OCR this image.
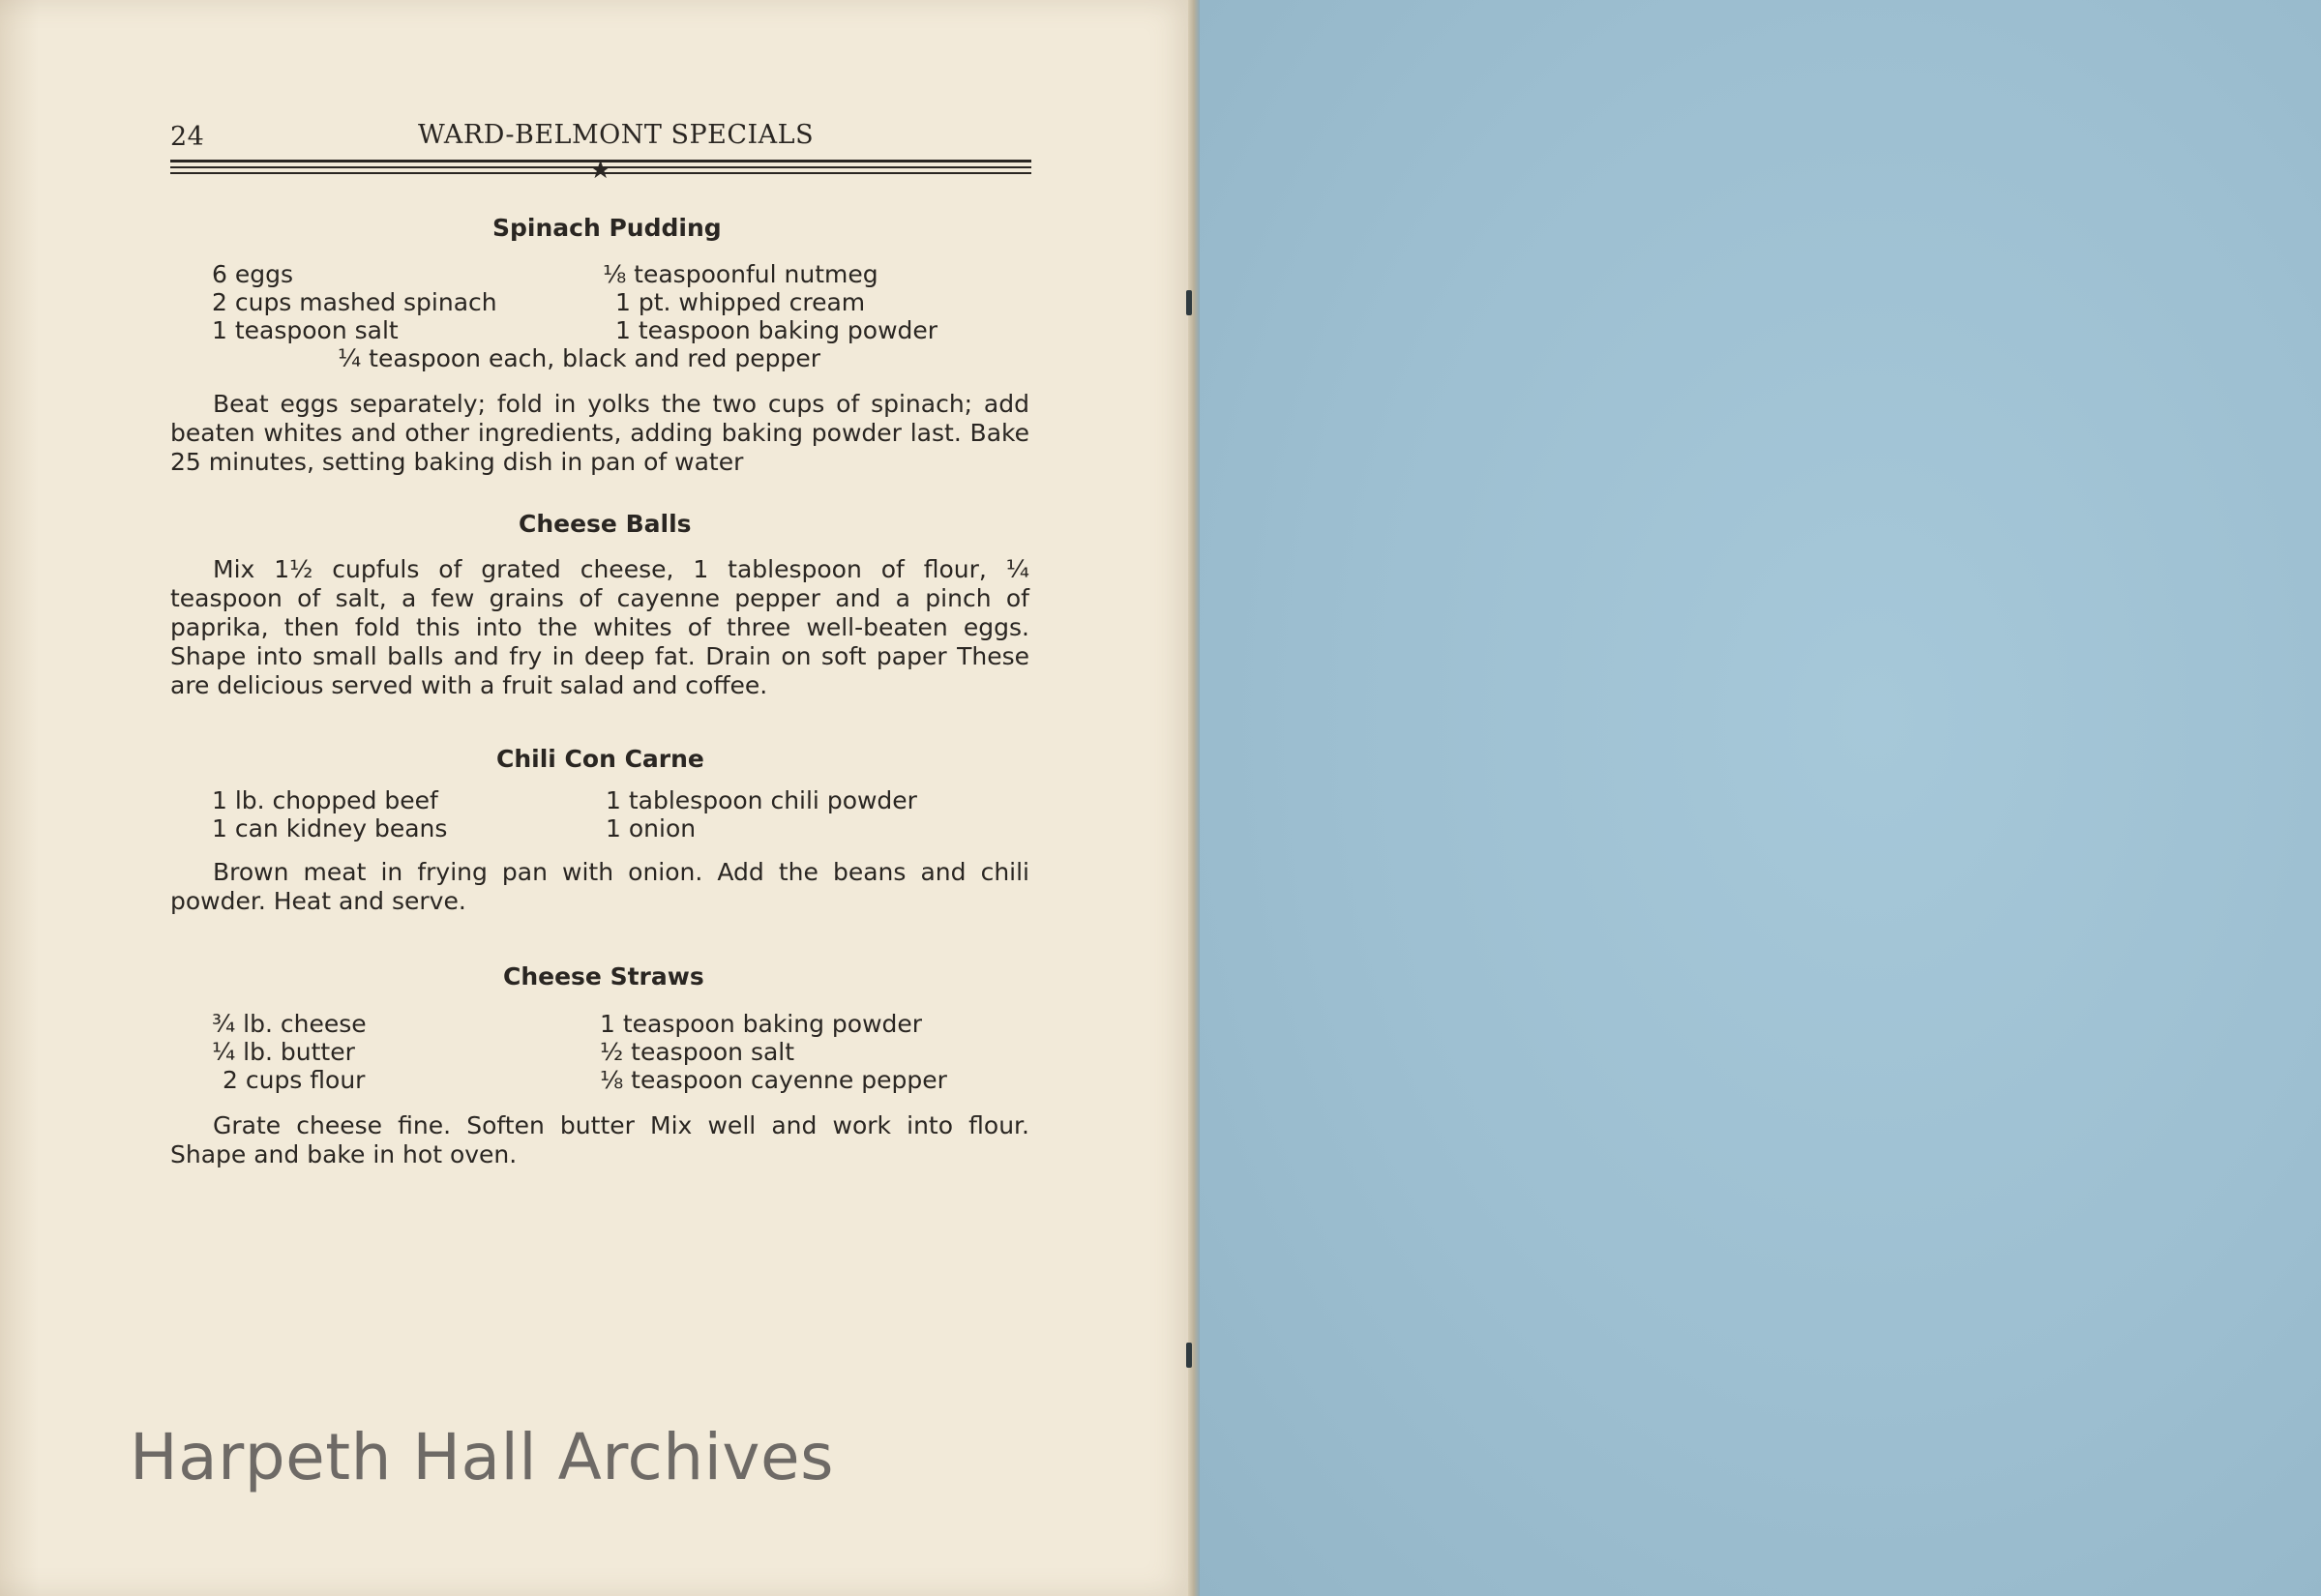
24	WARD-BELMONT SPECIALS
★
Spinach Pudding
6 eggs
2 cups mashed spinach
1 teaspoon salt
⅛ teaspoonful nutmeg
1 pt. whipped cream
1 teaspoon baking powder
¼ teaspoon each, black and red pepper
Beat eggs separately; fold in yolks the two cups of spinach; add beaten whites and other ingredients, adding baking powder last. Bake 25 minutes, setting baking dish in pan of water
Cheese Balls
Mix 1½ cupfuls of grated cheese, 1 tablespoon of flour, ¼ teaspoon of salt, a few grains of cayenne pepper and a pinch of paprika, then fold this into the whites of three well-beaten eggs. Shape into small balls and fry in deep fat. Drain on soft paper These are delicious served with a fruit salad and coffee.
Chili Con Carne
1 lb. chopped beef
1 can kidney beans
1 tablespoon chili powder
1 onion
Brown meat in frying pan with onion. Add the beans and chili powder. Heat and serve.
Cheese Straws
¾ lb. cheese
¼ lb. butter
2 cups flour
1 teaspoon baking powder
½ teaspoon salt
⅛ teaspoon cayenne pepper
Grate cheese fine. Soften butter Mix well and work into flour. Shape and bake in hot oven.
Harpeth Hall Archives
